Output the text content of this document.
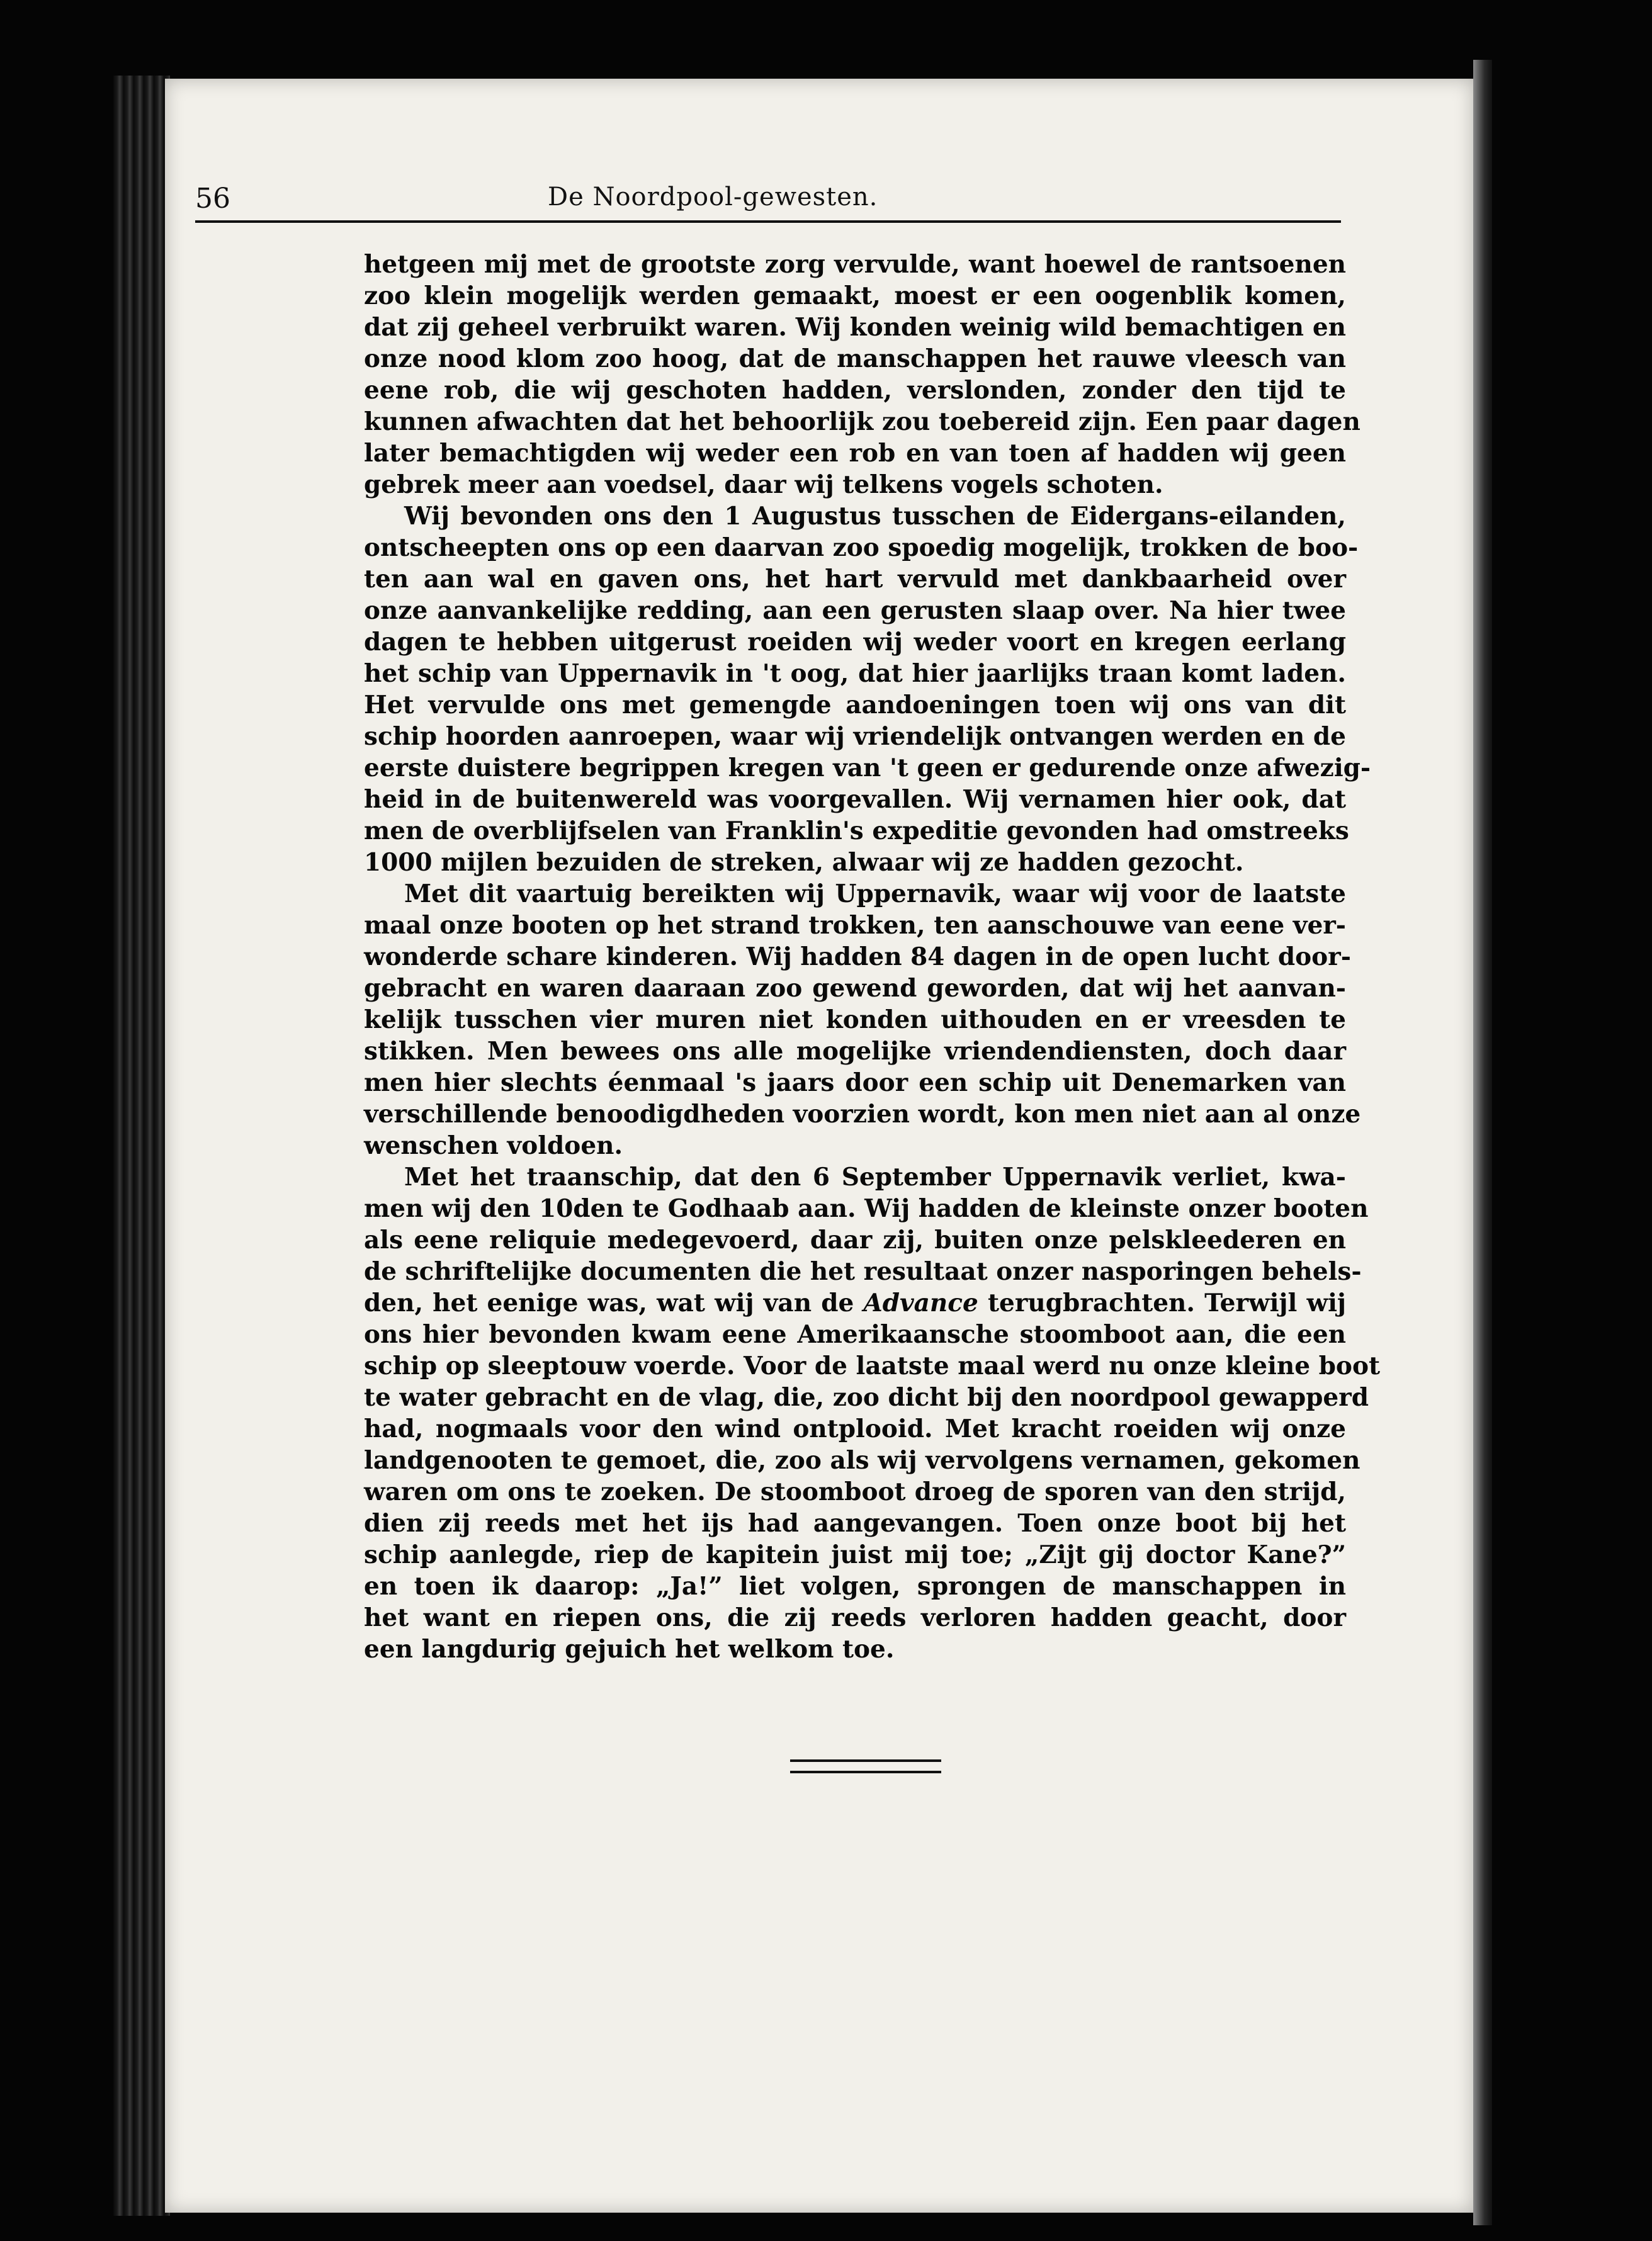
56	De Noordpool-gewesten.
hetgeen mij met de grootste zorg vervulde, want hoewel de rantsoenen
zoo klein mogelijk werden gemaakt, moest er een oogenblik komen,
dat zij geheel verbruikt waren. Wij konden weinig wild bemachtigen en
onze nood klom zoo hoog, dat de manschappen het rauwe vleesch van
eene rob, die wij geschoten hadden, verslonden, zonder den tijd te
kunnen afwachten dat het behoorlijk zou toebereid zijn. Een paar dagen
later bemachtigden wij weder een rob en van toen af hadden wij geen
gebrek meer aan voedsel, daar wij telkens vogels schoten.
Wij bevonden ons den 1 Augustus tusschen de Eidergans-eilanden,
ontscheepten ons op een daarvan zoo spoedig mogelijk, trokken de boo-
ten aan wal en gaven ons, het hart vervuld met dankbaarheid over
onze aanvankelijke redding, aan een gerusten slaap over. Na hier twee
dagen te hebben uitgerust roeiden wij weder voort en kregen eerlang
het schip van Uppernavik in 't oog, dat hier jaarlijks traan komt laden.
Het vervulde ons met gemengde aandoeningen toen wij ons van dit
schip hoorden aanroepen, waar wij vriendelijk ontvangen werden en de
eerste duistere begrippen kregen van 't geen er gedurende onze afwezig-
heid in de buitenwereld was voorgevallen. Wij vernamen hier ook, dat
men de overblijfselen van Franklin's expeditie gevonden had omstreeks
1000 mijlen bezuiden de streken, alwaar wij ze hadden gezocht.
Met dit vaartuig bereikten wij Uppernavik, waar wij voor de laatste
maal onze booten op het strand trokken, ten aanschouwe van eene ver-
wonderde schare kinderen. Wij hadden 84 dagen in de open lucht door-
gebracht en waren daaraan zoo gewend geworden, dat wij het aanvan-
kelijk tusschen vier muren niet konden uithouden en er vreesden te
stikken. Men bewees ons alle mogelijke vriendendiensten, doch daar
men hier slechts éenmaal 's jaars door een schip uit Denemarken van
verschillende benoodigdheden voorzien wordt, kon men niet aan al onze
wenschen voldoen.
Met het traanschip, dat den 6 September Uppernavik verliet, kwa-
men wij den 10den te Godhaab aan. Wij hadden de kleinste onzer booten
als eene reliquie medegevoerd, daar zij, buiten onze pelskleederen en
de schriftelijke documenten die het resultaat onzer nasporingen behels-
den, het eenige was, wat wij van de Advance terugbrachten. Terwijl wij
ons hier bevonden kwam eene Amerikaansche stoomboot aan, die een
schip op sleeptouw voerde. Voor de laatste maal werd nu onze kleine boot
te water gebracht en de vlag, die, zoo dicht bij den noordpool gewapperd
had, nogmaals voor den wind ontplooid. Met kracht roeiden wij onze
landgenooten te gemoet, die, zoo als wij vervolgens vernamen, gekomen
waren om ons te zoeken. De stoomboot droeg de sporen van den strijd,
dien zij reeds met het ijs had aangevangen. Toen onze boot bij het
schip aanlegde, riep de kapitein juist mij toe; „Zijt gij doctor Kane?”
en toen ik daarop: „Ja!” liet volgen, sprongen de manschappen in
het want en riepen ons, die zij reeds verloren hadden geacht, door
een langdurig gejuich het welkom toe.
